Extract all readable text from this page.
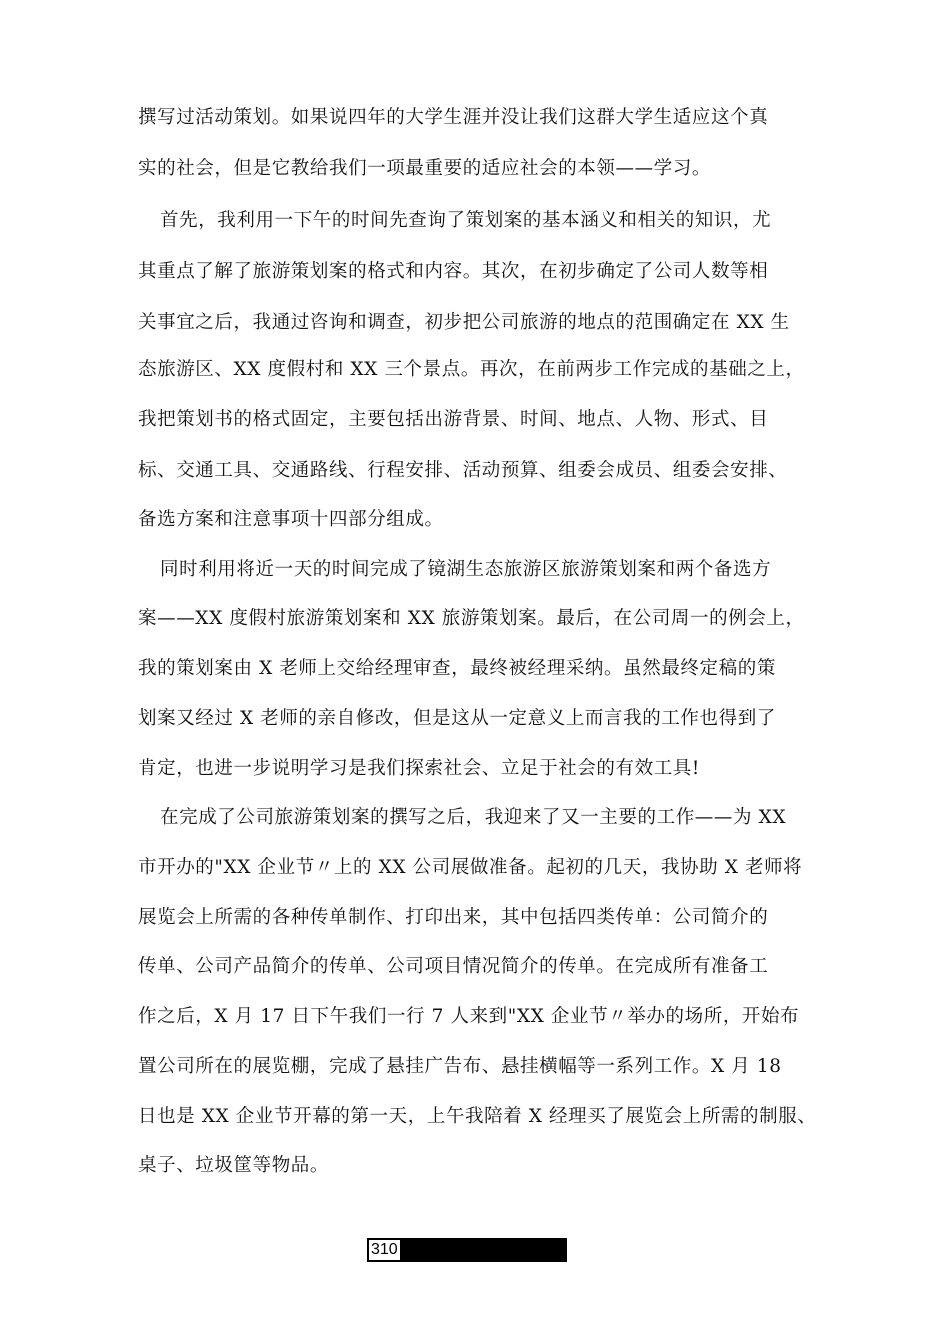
撰写过活动策划。如果说四年的大学生涯并没让我们这群大学生适应这个真
实的社会，但是它教给我们一项最重要的适应社会的本领——学习。
首先，我利用一下午的时间先查询了策划案的基本涵义和相关的知识，尤
其重点了解了旅游策划案的格式和内容。其次，在初步确定了公司人数等相
关事宜之后，我通过咨询和调查，初步把公司旅游的地点的范围确定在 XX 生
态旅游区、XX 度假村和 XX 三个景点。再次，在前两步工作完成的基础之上，
我把策划书的格式固定，主要包括出游背景、时间、地点、人物、形式、目
标、交通工具、交通路线、行程安排、活动预算、组委会成员、组委会安排、
备选方案和注意事项十四部分组成。
同时利用将近一天的时间完成了镜湖生态旅游区旅游策划案和两个备选方
案——XX 度假村旅游策划案和 XX 旅游策划案。最后，在公司周一的例会上，
我的策划案由 X 老师上交给经理审查，最终被经理采纳。虽然最终定稿的策
划案又经过 X 老师的亲自修改，但是这从一定意义上而言我的工作也得到了
肯定，也进一步说明学习是我们探索社会、立足于社会的有效工具!
在完成了公司旅游策划案的撰写之后，我迎来了又一主要的工作——为 XX
市开办的"XX 企业节〃上的 XX 公司展做准备。起初的几天，我协助 X 老师将
展览会上所需的各种传单制作、打印出来，其中包括四类传单：公司简介的
传单、公司产品简介的传单、公司项目情况简介的传单。在完成所有准备工
作之后，X 月 17 日下午我们一行 7 人来到"XX 企业节〃举办的场所，开始布
置公司所在的展览棚，完成了悬挂广告布、悬挂横幅等一系列工作。X 月 18
日也是 XX 企业节开幕的第一天，上午我陪着 X 经理买了展览会上所需的制服、
桌子、垃圾筐等物品。
310
